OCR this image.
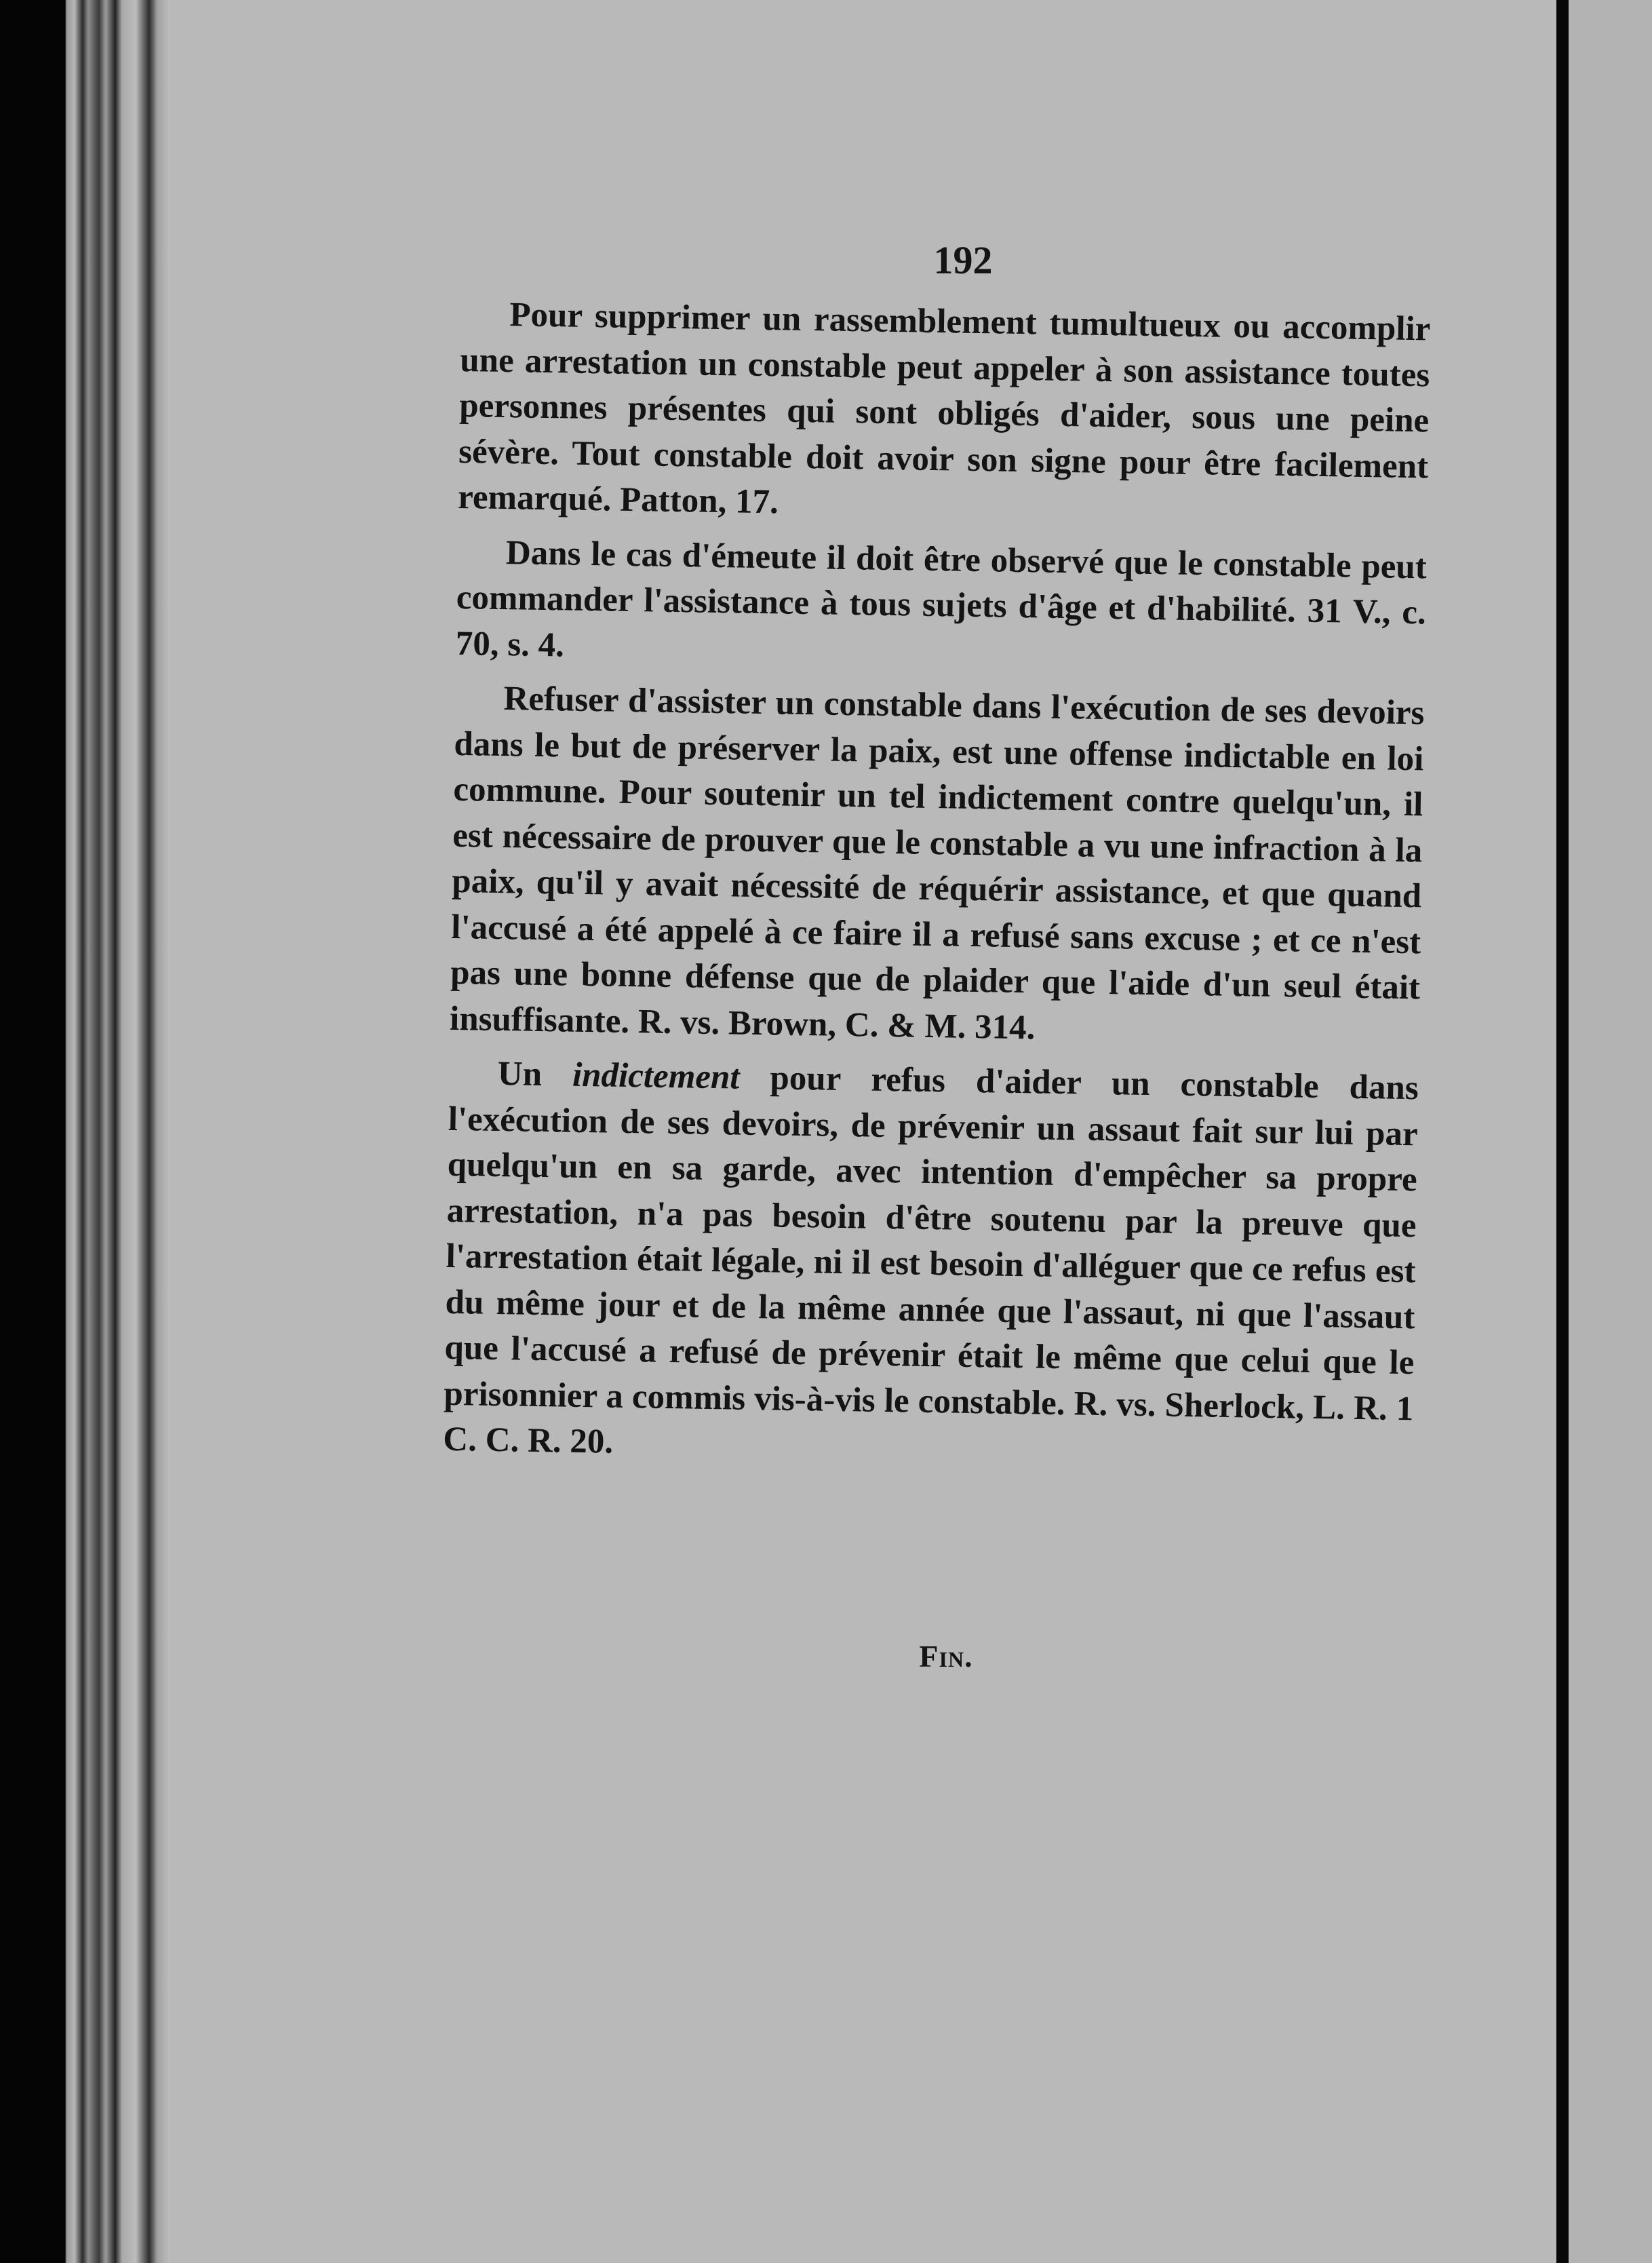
192

Pour supprimer un rassemblement tumultueux ou accomplir une arrestation un constable peut appeler à son assistance toutes personnes présentes qui sont obligés d'aider, sous une peine sévère. Tout constable doit avoir son signe pour être facilement remarqué. Patton, 17.

Dans le cas d'émeute il doit être observé que le constable peut commander l'assistance à tous sujets d'âge et d'habilité. 31 V., c. 70, s. 4.

Refuser d'assister un constable dans l'exécution de ses devoirs dans le but de préserver la paix, est une offense indictable en loi commune. Pour soutenir un tel indictement contre quelqu'un, il est nécessaire de prouver que le constable a vu une infraction à la paix, qu'il y avait nécessité de réquérir assistance, et que quand l'accusé a été appelé à ce faire il a refusé sans excuse ; et ce n'est pas une bonne défense que de plaider que l'aide d'un seul était insuffisante. R. vs. Brown, C. & M. 314.

Un indictement pour refus d'aider un constable dans l'exécution de ses devoirs, de prévenir un assaut fait sur lui par quelqu'un en sa garde, avec intention d'empêcher sa propre arrestation, n'a pas besoin d'être soutenu par la preuve que l'arrestation était légale, ni il est besoin d'alléguer que ce refus est du même jour et de la même année que l'assaut, ni que l'assaut que l'accusé a refusé de prévenir était le même que celui que le prisonnier a commis vis-à-vis le constable. R. vs. Sherlock, L. R. 1 C. C. R. 20.

Fin.
